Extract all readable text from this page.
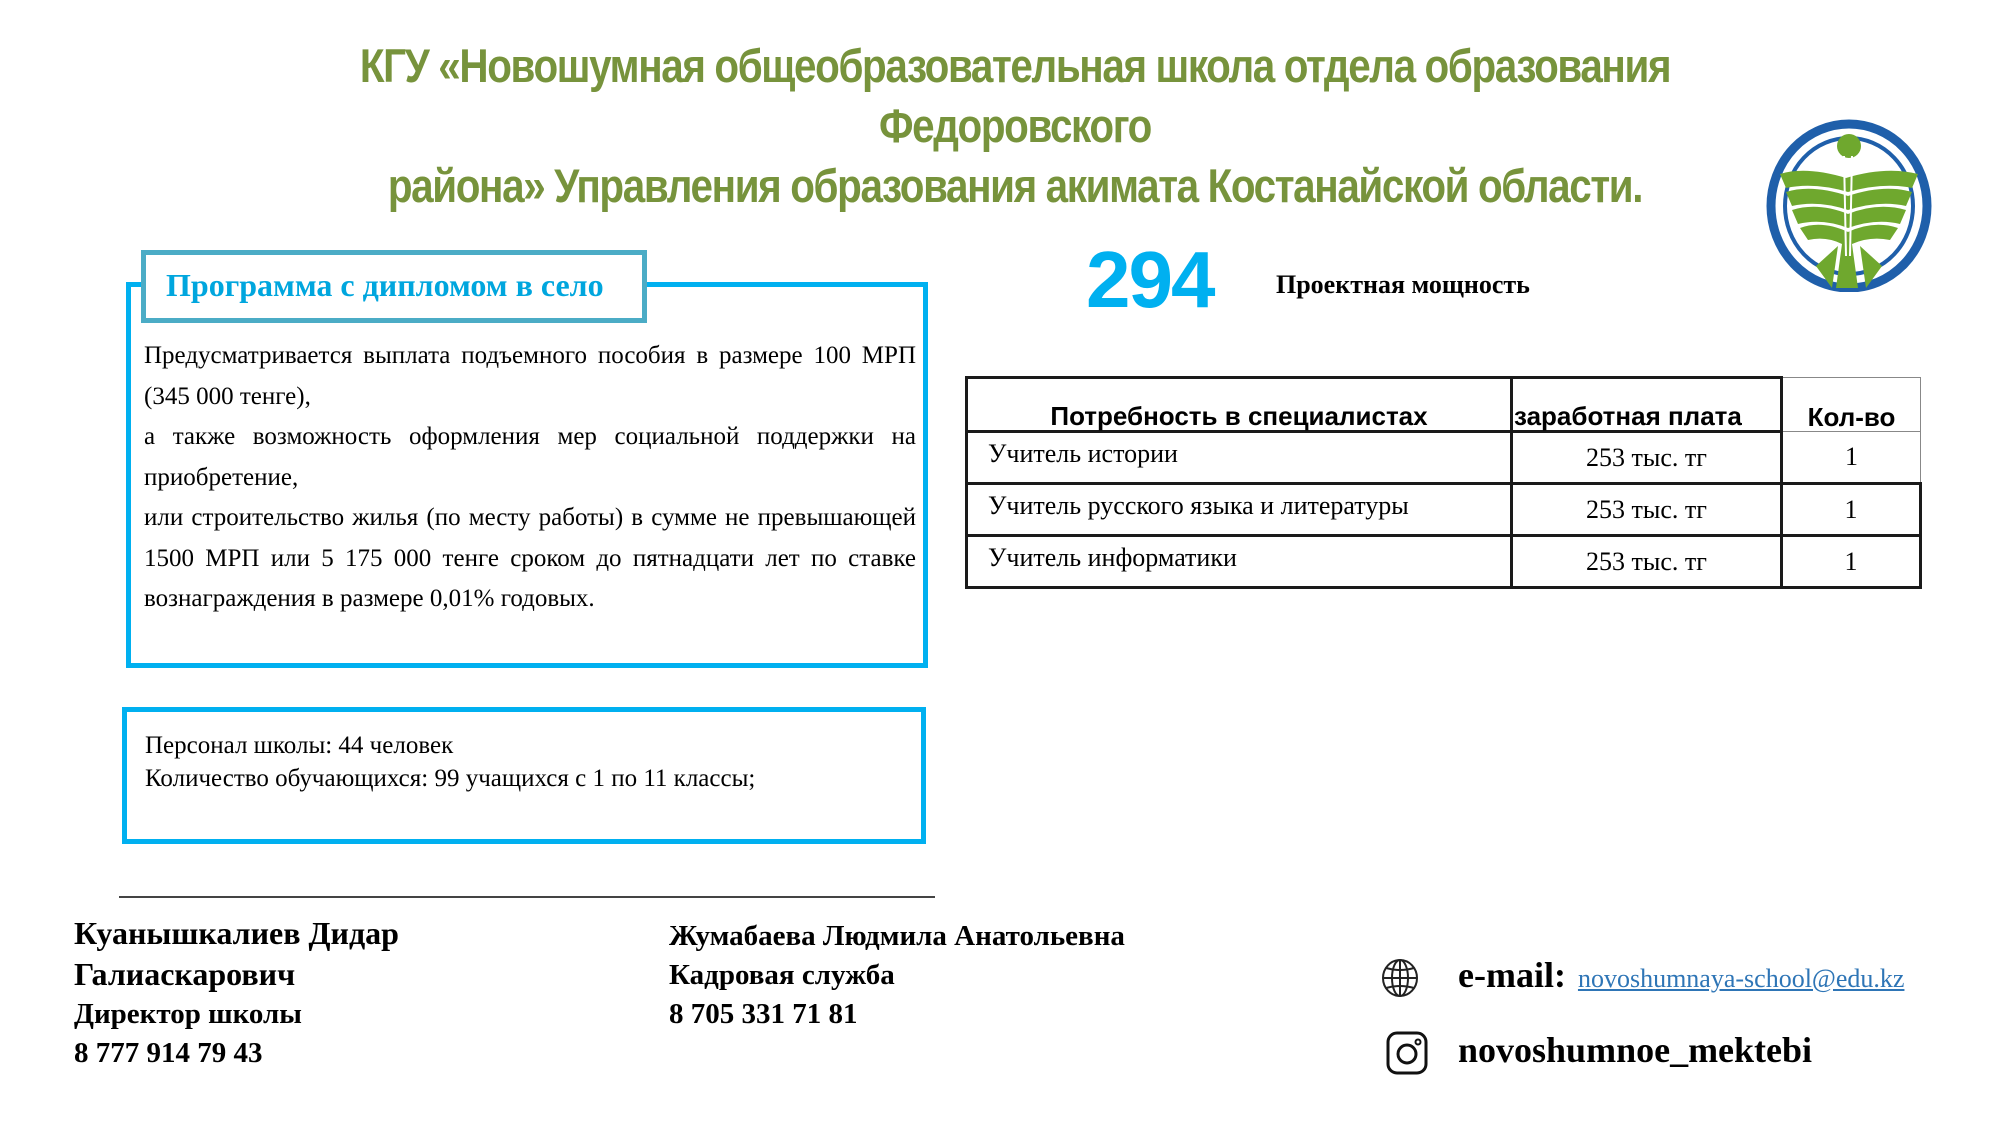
КГУ «Новошумная общеобразовательная школа отдела образования Федоровского
района» Управления образования акимата Костанайской области.
Программа с дипломом в село

Предусматривается выплата подъемного пособия в размере 100 МРП (345 000 тенге),

а также возможность оформления мер социальной поддержки на приобретение,

или строительство жилья (по месту работы) в сумме не превышающей 1500 МРП или 5 175 000 тенге сроком до пятнадцати лет по ставке вознаграждения в размере 0,01% годовых.

Персонал школы: 44 человек
Количество обучающихся: 99 учащихся с 1 по 11 классы;
294 Проектная мощность
Потребность в специалистах	заработная плата	Кол-во
Учитель истории	253 тыс. тг	1
Учитель русского языка и литературы	253 тыс. тг	1
Учитель информатики	253 тыс. тг	1
Куанышкалиев Дидар
Галиаскарович
Директор школы
8 777 914 79 43
Жумабаева Людмила Анатольевна
Кадровая служба
8 705 331 71 81
e-mail: novoshumnaya-school@edu.kz
novoshumnoe_mektebi
